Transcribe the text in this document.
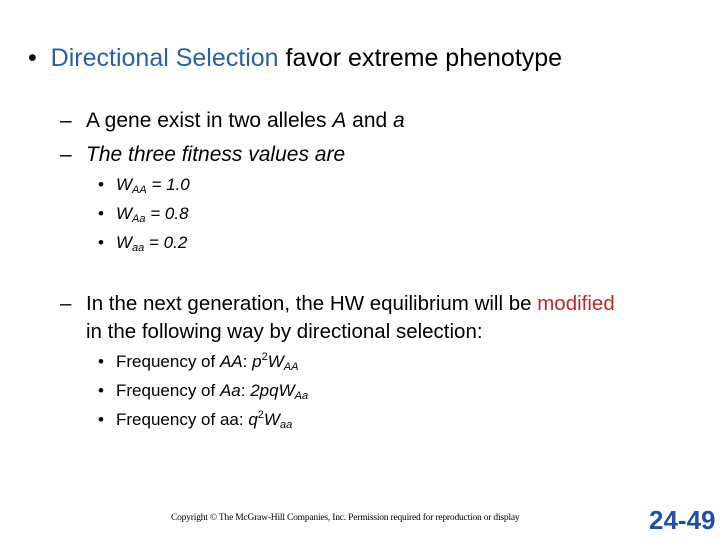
• Directional Selection favor extreme phenotype
– A gene exist in two alleles A and a
– The three fitness values are
• $W_{AA} = 1.0$
• $W_{Aa} = 0.8$
• $W_{aa} = 0.2$
– In the next generation, the HW equilibrium will be modified
in the following way by directional selection:
• Frequency of AA: $p^2W_{AA}$
• Frequency of Aa: 2pqW$_{Aa}$
• Frequency of aa: $q^2W_{aa}$
Copyright © The McGraw-Hill Companies, Inc. Permission required for reproduction or display	24-49
